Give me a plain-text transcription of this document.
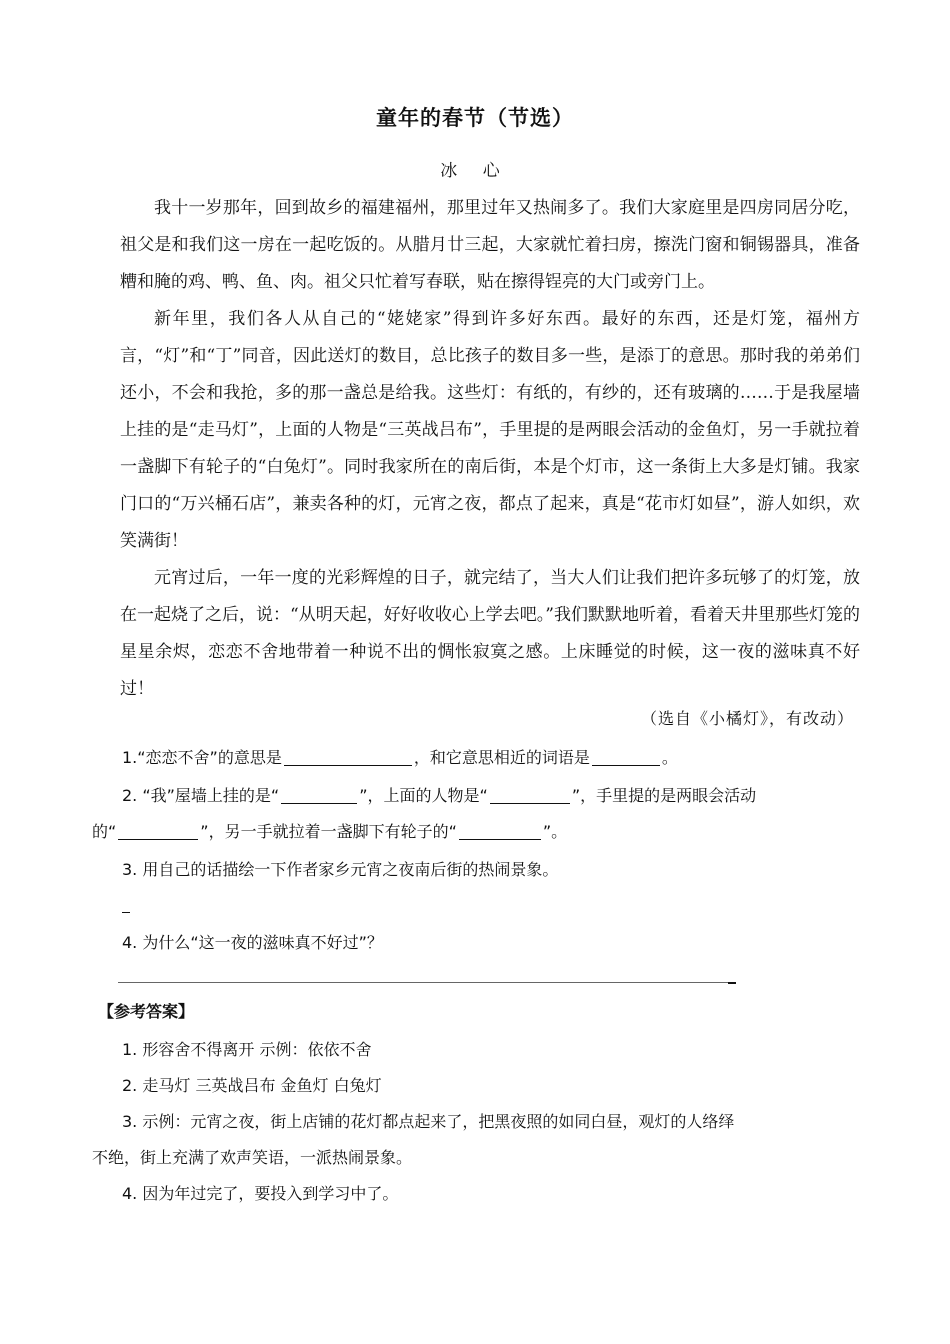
童年的春节（节选）
冰 心

我十一岁那年，回到故乡的福建福州，那里过年又热闹多了。我们大家庭里是四房同居分吃，祖父是和我们这一房在一起吃饭的。从腊月廿三起，大家就忙着扫房，擦洗门窗和铜锡器具，准备糟和腌的鸡、鸭、鱼、肉。祖父只忙着写春联，贴在擦得锃亮的大门或旁门上。

新年里，我们各人从自己的“姥姥家”得到许多好东西。最好的东西，还是灯笼，福州方言，“灯”和“丁”同音，因此送灯的数目，总比孩子的数目多一些，是添丁的意思。那时我的弟弟们还小，不会和我抢，多的那一盏总是给我。这些灯：有纸的，有纱的，还有玻璃的……于是我屋墙上挂的是“走马灯”，上面的人物是“三英战吕布”，手里提的是两眼会活动的金鱼灯，另一手就拉着一盏脚下有轮子的“白兔灯”。同时我家所在的南后街，本是个灯市，这一条街上大多是灯铺。我家门口的“万兴桶石店”，兼卖各种的灯，元宵之夜，都点了起来，真是“花市灯如昼”，游人如织，欢笑满街！

元宵过后，一年一度的光彩辉煌的日子，就完结了，当大人们让我们把许多玩够了的灯笼，放在一起烧了之后，说：“从明天起，好好收收心上学去吧。”我们默默地听着，看着天井里那些灯笼的星星余烬，恋恋不舍地带着一种说不出的惆怅寂寞之感。上床睡觉的时候，这一夜的滋味真不好过！

（选自《小橘灯》，有改动）
1.“恋恋不舍”的意思是	，和它意思相近的词语是	。
2. “我”屋墙上挂的是“	”，上面的人物是“	”，手里提的是两眼会活动
的“	”，另一手就拉着一盏脚下有轮子的“	”。
3. 用自己的话描绘一下作者家乡元宵之夜南后街的热闹景象。
4. 为什么“这一夜的滋味真不好过”？
【参考答案】
1. 形容舍不得离开 示例：依依不舍
2. 走马灯 三英战吕布 金鱼灯 白兔灯
3. 示例：元宵之夜，街上店铺的花灯都点起来了，把黑夜照的如同白昼，观灯的人络绎
不绝，街上充满了欢声笑语，一派热闹景象。
4. 因为年过完了，要投入到学习中了。
